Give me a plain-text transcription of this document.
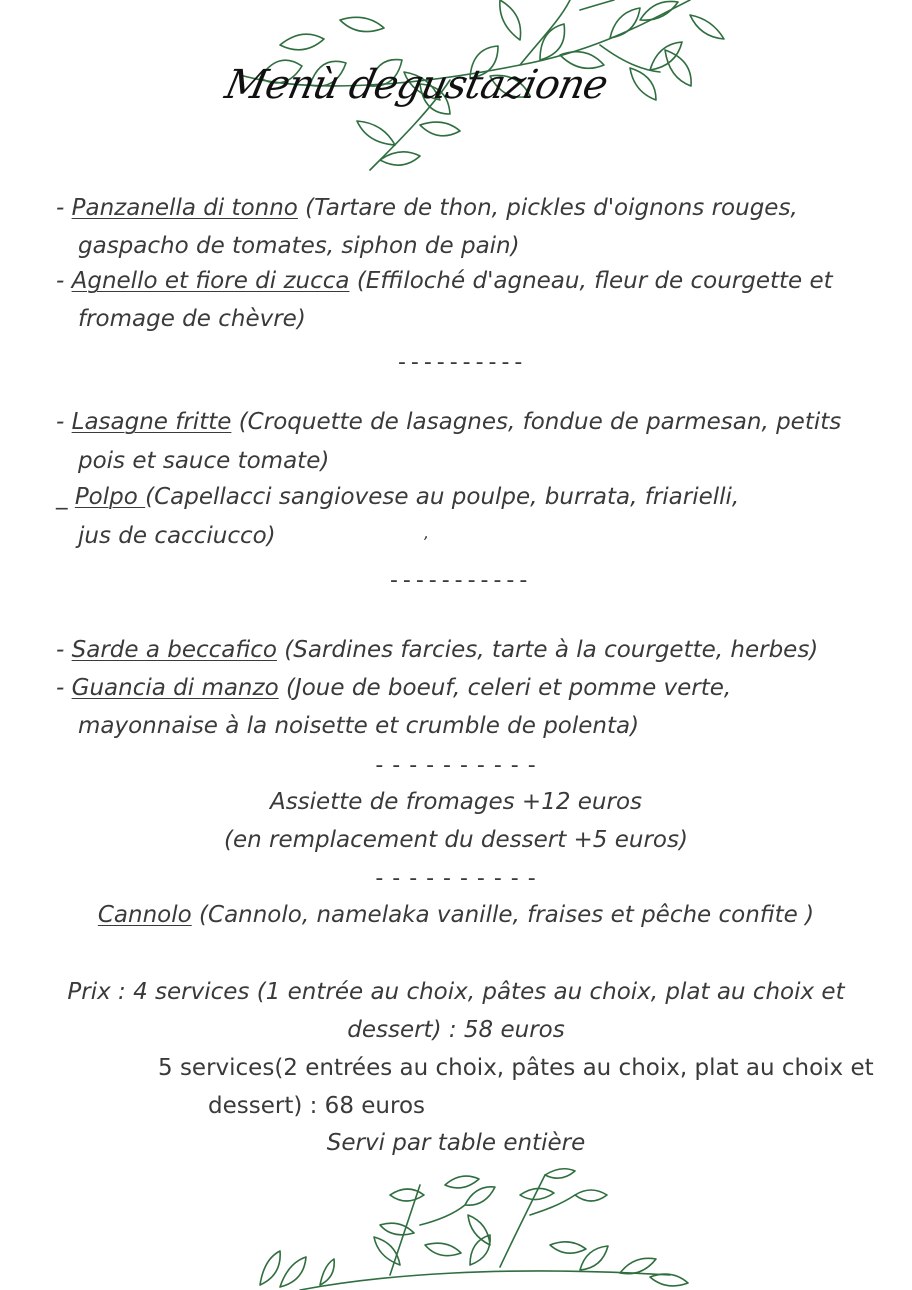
Menù degustazione
- Panzanella di tonno (Tartare de thon, pickles d'oignons rouges,
gaspacho de tomates, siphon de pain)
- Agnello et fiore di zucca (Effiloché d'agneau, fleur de courgette et
fromage de chèvre)
- - - - - - - - - -
- Lasagne fritte (Croquette de lasagnes, fondue de parmesan, petits
pois et sauce tomate)
_ Polpo (Capellacci sangiovese au poulpe, burrata, friarielli,
jus de cacciucco)	,
- - - - - - - - - - -
- Sarde a beccafico (Sardines farcies, tarte à la courgette, herbes)
- Guancia di manzo (Joue de boeuf, celeri et pomme verte,
mayonnaise à la noisette et crumble de polenta)
- - - - - - - - - -
Assiette de fromages +12 euros
(en remplacement du dessert +5 euros)
- - - - - - - - - -
Cannolo (Cannolo, namelaka vanille, fraises et pêche confite )
Prix : 4 services (1 entrée au choix, pâtes au choix, plat au choix et
dessert) : 58 euros
5 services(2 entrées au choix, pâtes au choix, plat au choix et
dessert) : 68 euros
Servi par table entière
